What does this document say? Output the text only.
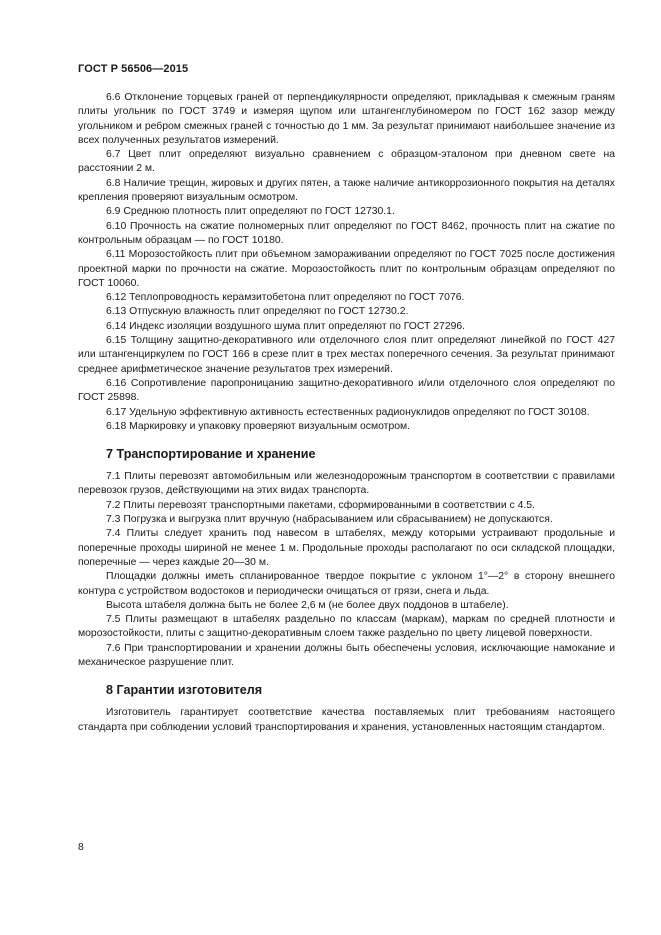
ГОСТ Р 56506—2015

6.6 Отклонение торцевых граней от перпендикулярности определяют, прикладывая к смежным граням плиты угольник по ГОСТ 3749 и измеряя щупом или штангенглубиномером по ГОСТ 162 зазор между угольником и ребром смежных граней с точностью до 1 мм. За результат принимают наибольшее значение из всех полученных результатов измерений.

6.7 Цвет плит определяют визуально сравнением с образцом-эталоном при дневном свете на расстоянии 2 м.

6.8 Наличие трещин, жировых и других пятен, а также наличие антикоррозионного покрытия на деталях крепления проверяют визуальным осмотром.

6.9 Среднюю плотность плит определяют по ГОСТ 12730.1.

6.10 Прочность на сжатие полномерных плит определяют по ГОСТ 8462, прочность плит на сжатие по контрольным образцам — по ГОСТ 10180.

6.11 Морозостойкость плит при объемном замораживании определяют по ГОСТ 7025 после достижения проектной марки по прочности на сжатие. Морозостойкость плит по контрольным образцам определяют по ГОСТ 10060.

6.12 Теплопроводность керамзитобетона плит определяют по ГОСТ 7076.

6.13 Отпускную влажность плит определяют по ГОСТ 12730.2.

6.14 Индекс изоляции воздушного шума плит определяют по ГОСТ 27296.

6.15 Толщину защитно-декоративного или отделочного слоя плит определяют линейкой по ГОСТ 427 или штангенциркулем по ГОСТ 166 в срезе плит в трех местах поперечного сечения. За результат принимают среднее арифметическое значение результатов трех измерений.

6.16 Сопротивление паропроницанию защитно-декоративного и/или отделочного слоя определяют по ГОСТ 25898.

6.17 Удельную эффективную активность естественных радионуклидов определяют по ГОСТ 30108.

6.18 Маркировку и упаковку проверяют визуальным осмотром.

7 Транспортирование и хранение

7.1 Плиты перевозят автомобильным или железнодорожным транспортом в соответствии с правилами перевозок грузов, действующими на этих видах транспорта.

7.2 Плиты перевозят транспортными пакетами, сформированными в соответствии с 4.5.

7.3 Погрузка и выгрузка плит вручную (набрасыванием или сбрасыванием) не допускаются.

7.4 Плиты следует хранить под навесом в штабелях, между которыми устраивают продольные и поперечные проходы шириной не менее 1 м. Продольные проходы располагают по оси складской площадки, поперечные — через каждые 20—30 м.

Площадки должны иметь спланированное твердое покрытие с уклоном 1°—2° в сторону внешнего контура с устройством водостоков и периодически очищаться от грязи, снега и льда.

Высота штабеля должна быть не более 2,6 м (не более двух поддонов в штабеле).

7.5 Плиты размещают в штабелях раздельно по классам (маркам), маркам по средней плотности и морозостойкости, плиты с защитно-декоративным слоем также раздельно по цвету лицевой поверхности.

7.6 При транспортировании и хранении должны быть обеспечены условия, исключающие намокание и механическое разрушение плит.

8 Гарантии изготовителя

Изготовитель гарантирует соответствие качества поставляемых плит требованиям настоящего стандарта при соблюдении условий транспортирования и хранения, установленных настоящим стандартом.

8
